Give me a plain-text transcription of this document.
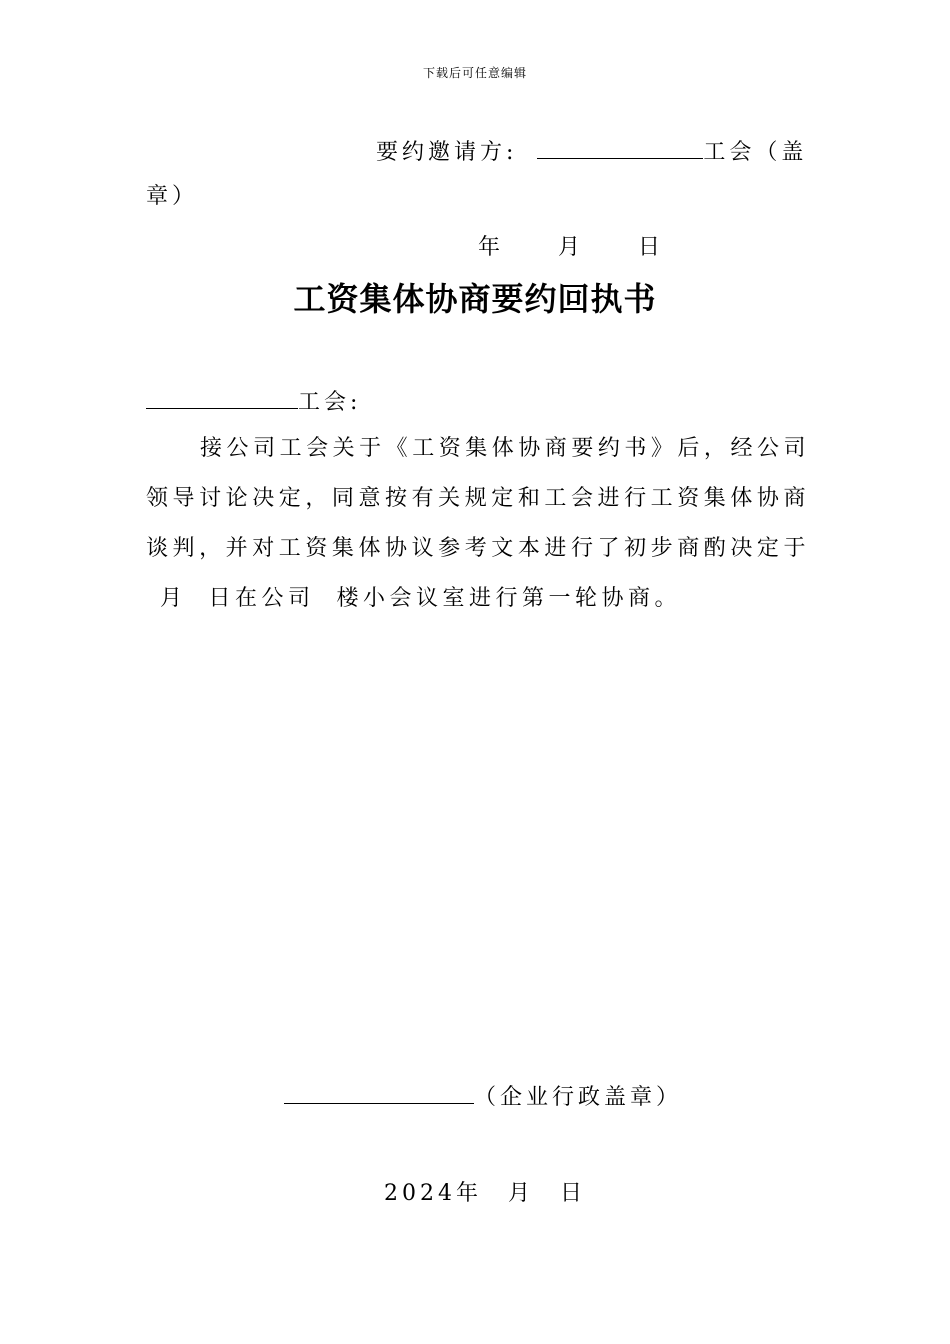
下载后可任意编辑
要约邀请方:	工会（盖
章）
年 月 日
工资集体协商要约回执书
工会:
接公司工会关于《工资集体协商要约书》后，经公司领导讨论决定，同意按有关规定和工会进行工资集体协商谈判，并对工资集体协议参考文本进行了初步商酌决定于月 日在公司 楼小会议室进行第一轮协商。
（企业行政盖章）
2024年 月 日
